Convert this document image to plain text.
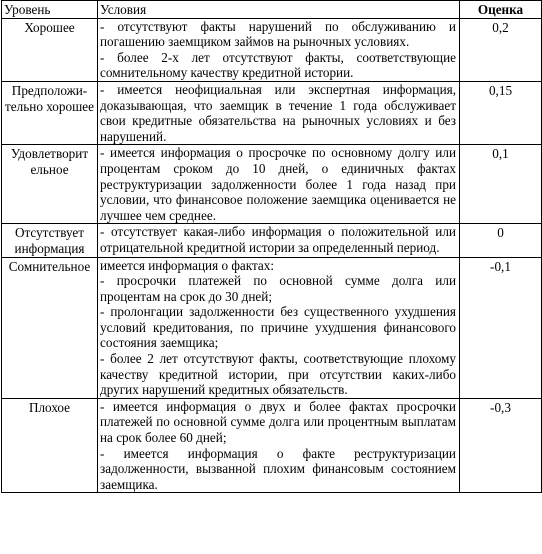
Уровень	Условия	Оценка
Хорошее	- отсутствуют факты нарушений по обслуживанию и погашению заемщиком займов на рыночных условиях.
- более 2-х лет отсутствуют факты, соответствующие сомнительному качеству кредитной истории.	0,2
Предположи-тельно хорошее	- имеется неофициальная или экспертная информация, доказывающая, что заемщик в течение 1 года обслуживает свои кредитные обязательства на рыночных условиях и без нарушений.	0,15
Удовлетворит ельное	- имеется информация о просрочке по основному долгу или процентам сроком до 10 дней, о единичных фактах реструктуризации задолженности более 1 года назад при условии, что финансовое положение заемщика оценивается не лучшее чем среднее.	0,1
Отсутствует информация	- отсутствует какая-либо информация о положительной или отрицательной кредитной истории за определенный период.	0
Сомнительное	имеется информация о фактах:
- просрочки платежей по основной сумме долга или процентам на срок до 30 дней;
- пролонгации задолженности без существенного ухудшения условий кредитования, по причине ухудшения финансового состояния заемщика;
- более 2 лет отсутствуют факты, соответствующие плохому качеству кредитной истории, при отсутствии каких-либо других нарушений кредитных обязательств.	-0,1
Плохое	- имеется информация о двух и более фактах просрочки платежей по основной сумме долга или процентным выплатам на срок более 60 дней;
- имеется информация о факте реструктуризации задолженности, вызванной плохим финансовым состоянием заемщика.	-0,3
